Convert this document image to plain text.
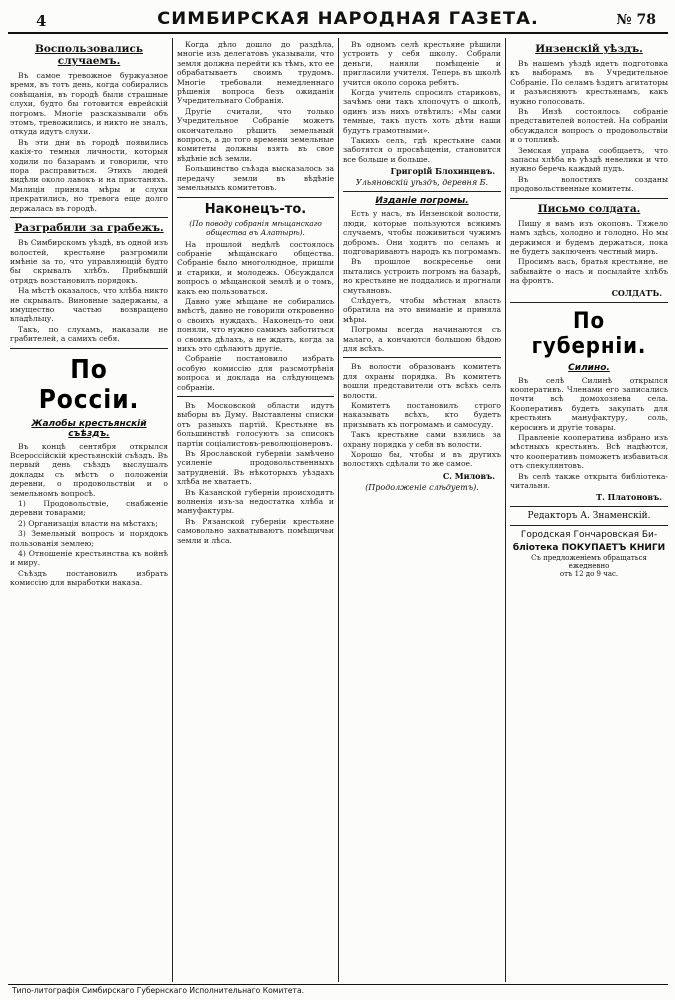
4	СИМБИРСКАЯ НАРОДНАЯ ГАЗЕТА.	№ 78
Воспользовались случаемъ.

Въ самое тревожное буржуазное время, въ тотъ день, когда собирались совѣщанія, въ городѣ были страшные слухи, будто бы готовится еврейскій погромъ. Многіе разсказывали объ этомъ, тревожились, и никто не зналъ, откуда идутъ слухи.

Въ эти дни въ городѣ появились какія-то темныя личности, которыя ходили по базарамъ и говорили, что пора расправиться. Этихъ людей видѣли около лавокъ и на пристаняхъ. Милиція приняла мѣры и слухи прекратились, но тревога еще долго держалась въ городѣ.

Разграбили за грабежъ.

Въ Симбирскомъ уѣздѣ, въ одной изъ волостей, крестьяне разгромили имѣніе за то, что управляющій будто бы скрывалъ хлѣбъ. Прибывшій отрядъ возстановилъ порядокъ.

На мѣстѣ оказалось, что хлѣба никто не скрывалъ. Виновные задержаны, а имущество частью возвращено владѣльцу.

Такъ, по слухамъ, наказали не грабителей, а самихъ себя.

По Россіи.
Жалобы крестьянскій съѣздъ.

Въ концѣ сентября открылся Всероссійскій крестьянскій съѣздъ. Въ первый день съѣздъ выслушалъ доклады съ мѣстъ о положеніи деревни, о продовольствіи и о земельномъ вопросѣ.

1) Продовольствіе, снабженіе деревни товарами;

2) Организація власти на мѣстахъ;

3) Земельный вопросъ и порядокъ пользованія землею;

4) Отношеніе крестьянства къ войнѣ и миру.

Съѣздъ постановилъ избрать комиссію для выработки наказа.

Когда дѣло дошло до раздѣла, многіе изъ делегатовъ указывали, что земля должна перейти къ тѣмъ, кто ее обрабатываетъ своимъ трудомъ. Многіе требовали немедленнаго рѣшенія вопроса безъ ожиданія Учредительнаго Собранія.

Другіе считали, что только Учредительное Собраніе можетъ окончательно рѣшить земельный вопросъ, а до того времени земельные комитеты должны взять въ свое вѣдѣніе всѣ земли.

Большинство съѣзда высказалось за передачу земли въ вѣдѣніе земельныхъ комитетовъ.

Наконецъ-то.
(По поводу собранія мѣщанскаго общества въ Алатырѣ).

На прошлой недѣлѣ состоялось собраніе мѣщанскаго общества. Собраніе было многолюдное, пришли и старики, и молодежь. Обсуждался вопросъ о мѣщанской землѣ и о томъ, какъ ею пользоваться.

Давно уже мѣщане не собирались вмѣстѣ, давно не говорили откровенно о своихъ нуждахъ. Наконецъ-то они поняли, что нужно самимъ заботиться о своихъ дѣлахъ, а не ждать, когда за нихъ это сдѣлаютъ другіе.

Собраніе постановило избрать особую комиссію для разсмотрѣнія вопроса и доклада на слѣдующемъ собраніи.

Въ Московской области идутъ выборы въ Думу. Выставлены списки отъ разныхъ партій. Крестьяне въ большинствѣ голосуютъ за списокъ партіи соціалистовъ-революціонеровъ.

Въ Ярославской губерніи замѣчено усиленіе продовольственныхъ затрудненій. Въ нѣкоторыхъ уѣздахъ хлѣба не хватаетъ.

Въ Казанской губерніи происходятъ волненія изъ-за недостатка хлѣба и мануфактуры.

Въ Рязанской губерніи крестьяне самовольно захватываютъ помѣщичьи земли и лѣса.

Въ одномъ селѣ крестьяне рѣшили устроить у себя школу. Собрали деньги, наняли помѣщеніе и пригласили учителя. Теперь въ школѣ учится около сорока ребятъ.

Когда учитель спросилъ стариковъ, зачѣмъ они такъ хлопочутъ о школѣ, одинъ изъ нихъ отвѣтилъ: «Мы сами темные, такъ пусть хоть дѣти наши будутъ грамотными».

Такихъ селъ, гдѣ крестьяне сами заботятся о просвѣщеніи, становится все больше и больше.

Григорій Блохинцевъ.
Ульяновскій уѣздъ, деревня Б.
Изданіе погромы.

Есть у насъ, въ Инзенской волости, люди, которые пользуются всякимъ случаемъ, чтобы поживиться чужимъ добромъ. Они ходятъ по селамъ и подговариваютъ народъ къ погромамъ.

Въ прошлое воскресенье они пытались устроить погромъ на базарѣ, но крестьяне не поддались и прогнали смутьяновъ.

Слѣдуетъ, чтобы мѣстная власть обратила на это вниманіе и приняла мѣры.

Погромы всегда начинаются съ малаго, а кончаются большою бѣдою для всѣхъ.

Въ волости образованъ комитетъ для охраны порядка. Въ комитетъ вошли представители отъ всѣхъ селъ волости.

Комитетъ постановилъ строго наказывать всѣхъ, кто будетъ призывать къ погромамъ и самосуду.

Такъ крестьяне сами взялись за охрану порядка у себя въ волости.

Хорошо бы, чтобы и въ другихъ волостяхъ сдѣлали то же самое.

С. Миловъ.
(Продолженіе слѣдуетъ).
Инзенскій уѣздъ.

Въ нашемъ уѣздѣ идетъ подготовка къ выборамъ въ Учредительное Собраніе. По селамъ ѣздятъ агитаторы и разъясняютъ крестьянамъ, какъ нужно голосовать.

Въ Инзѣ состоялось собраніе представителей волостей. На собраніи обсуждался вопросъ о продовольствіи и о топливѣ.

Земская управа сообщаетъ, что запасы хлѣба въ уѣздѣ невелики и что нужно беречь каждый пудъ.

Въ волостяхъ созданы продовольственные комитеты.

Письмо солдата.

Пишу я вамъ изъ окоповъ. Тяжело намъ здѣсь, холодно и голодно. Но мы держимся и будемъ держаться, пока не будетъ заключенъ честный миръ.

Просимъ васъ, братья крестьяне, не забывайте о насъ и посылайте хлѣбъ на фронтъ.

СОЛДАТЪ.
По губерніи.
Силино.

Въ селѣ Силинѣ открылся кооперативъ. Членами его записались почти всѣ домохозяева села. Кооперативъ будетъ закупать для крестьянъ мануфактуру, соль, керосинъ и другіе товары.

Правленіе кооператива избрано изъ мѣстныхъ крестьянъ. Всѣ надѣются, что кооперативъ поможетъ избавиться отъ спекулянтовъ.

Въ селѣ также открыта библіотека-читальня.

Т. Платоновъ.
Редакторъ А. Знаменскій.
Городская Гончаровская Би-
бліотека ПОКУПАЕТЪ КНИГИ
Съ предложеніемъ обращаться ежедневно
отъ 12 до 9 час.
Типо-литографія Симбирскаго Губернскаго Исполнительнаго Комитета.
